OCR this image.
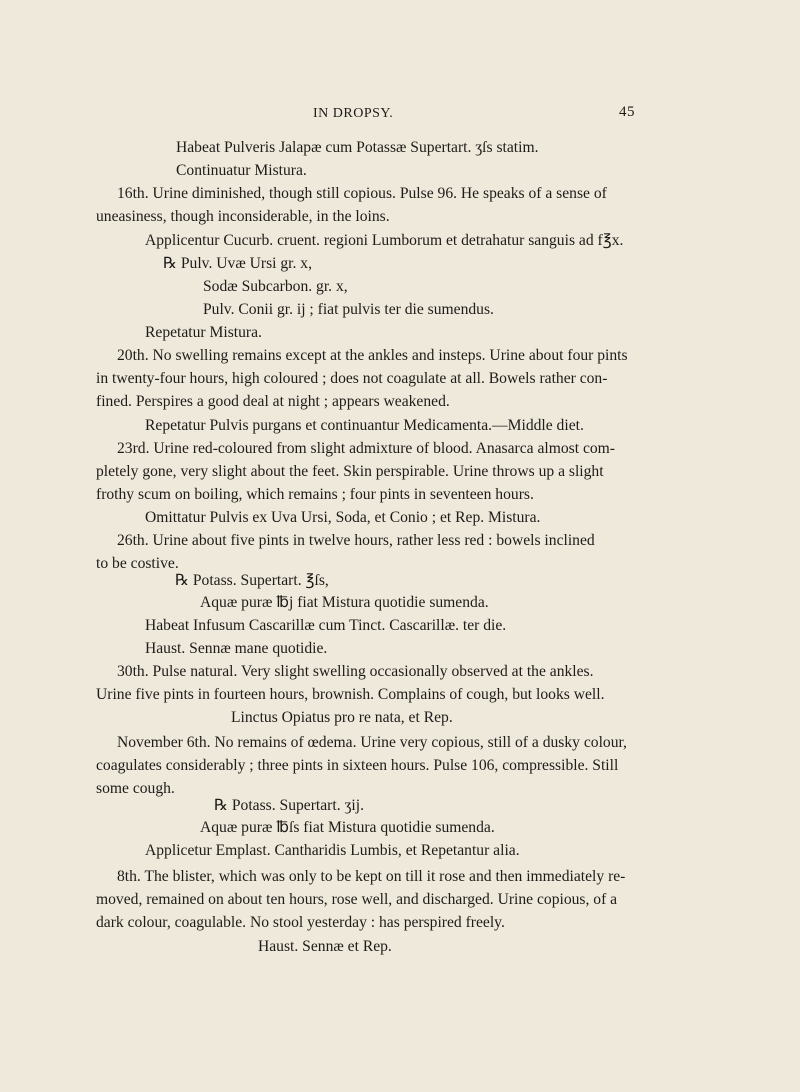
IN DROPSY.	45
Habeat Pulveris Jalapæ cum Potassæ Supertart. ʒſs statim.
Continuatur Mistura.
16th. Urine diminished, though still copious. Pulse 96. He speaks of a sense of
uneasiness, though inconsiderable, in the loins.
Applicentur Cucurb. cruent. regioni Lumborum et detrahatur sanguis ad f℥x.
℞ Pulv. Uvæ Ursi gr. x,
Sodæ Subcarbon. gr. x,
Pulv. Conii gr. ij ; fiat pulvis ter die sumendus.
Repetatur Mistura.
20th. No swelling remains except at the ankles and insteps. Urine about four pints
in twenty-four hours, high coloured ; does not coagulate at all. Bowels rather con-
fined. Perspires a good deal at night ; appears weakened.
Repetatur Pulvis purgans et continuantur Medicamenta.—Middle diet.
23rd. Urine red-coloured from slight admixture of blood. Anasarca almost com-
pletely gone, very slight about the feet. Skin perspirable. Urine throws up a slight
frothy scum on boiling, which remains ; four pints in seventeen hours.
Omittatur Pulvis ex Uva Ursi, Soda, et Conio ; et Rep. Mistura.
26th. Urine about five pints in twelve hours, rather less red : bowels inclined
to be costive.
℞ Potass. Supertart. ℥ſs,
Aquæ puræ ℔j fiat Mistura quotidie sumenda.
Habeat Infusum Cascarillæ cum Tinct. Cascarillæ. ter die.
Haust. Sennæ mane quotidie.
30th. Pulse natural. Very slight swelling occasionally observed at the ankles.
Urine five pints in fourteen hours, brownish. Complains of cough, but looks well.
Linctus Opiatus pro re nata, et Rep.
November 6th. No remains of œdema. Urine very copious, still of a dusky colour,
coagulates considerably ; three pints in sixteen hours. Pulse 106, compressible. Still
some cough.
℞ Potass. Supertart. ʒij.
Aquæ puræ ℔ſs fiat Mistura quotidie sumenda.
Applicetur Emplast. Cantharidis Lumbis, et Repetantur alia.
8th. The blister, which was only to be kept on till it rose and then immediately re-
moved, remained on about ten hours, rose well, and discharged. Urine copious, of a
dark colour, coagulable. No stool yesterday : has perspired freely.
Haust. Sennæ et Rep.
